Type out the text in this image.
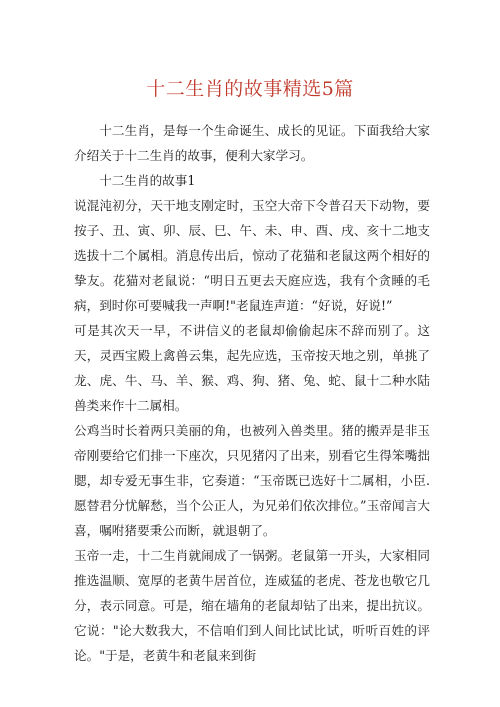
十二生肖的故事精选5篇

十二生肖，是每一个生命诞生、成长的见证。下面我给大家介绍关于十二生肖的故事，便利大家学习。

十二生肖的故事1

说混沌初分，天干地支刚定时，玉空大帝下令普召天下动物，要按子、丑、寅、卯、辰、巳、午、未、申、酉、戌、亥十二地支选拔十二个属相。消息传出后，惊动了花猫和老鼠这两个相好的挚友。花猫对老鼠说：“明日五更去天庭应选，我有个贪睡的毛病，到时你可要喊我一声啊!"老鼠连声道：“好说，好说!”

可是其次天一早，不讲信义的老鼠却偷偷起床不辞而别了。这天，灵西宝殿上禽兽云集，起先应选，玉帝按天地之别，单挑了龙、虎、牛、马、羊、猴、鸡、狗、猪、兔、蛇、鼠十二种水陆兽类来作十二属相。

公鸡当时长着两只美丽的角，也被列入兽类里。猪的搬弄是非玉帝刚要给它们排一下座次，只见猪闪了出来，别看它生得笨嘴拙腮，却专爱无事生非，它奏道：“玉帝既已选好十二属相，小臣.愿替君分忧解愁，当个公正人，为兄弟们依次排位。”玉帝闻言大喜，嘱咐猪要秉公而断，就退朝了。

玉帝一走，十二生肖就闹成了一锅粥。老鼠第一开头，大家相同推选温顺、宽厚的老黄牛居首位，连威猛的老虎、苍龙也敬它几分，表示同意。可是，缩在墙角的老鼠却钻了出来，提出抗议。它说："论大数我大，不信咱们到人间比试比试，听听百姓的评论。"于是，老黄牛和老鼠来到街
